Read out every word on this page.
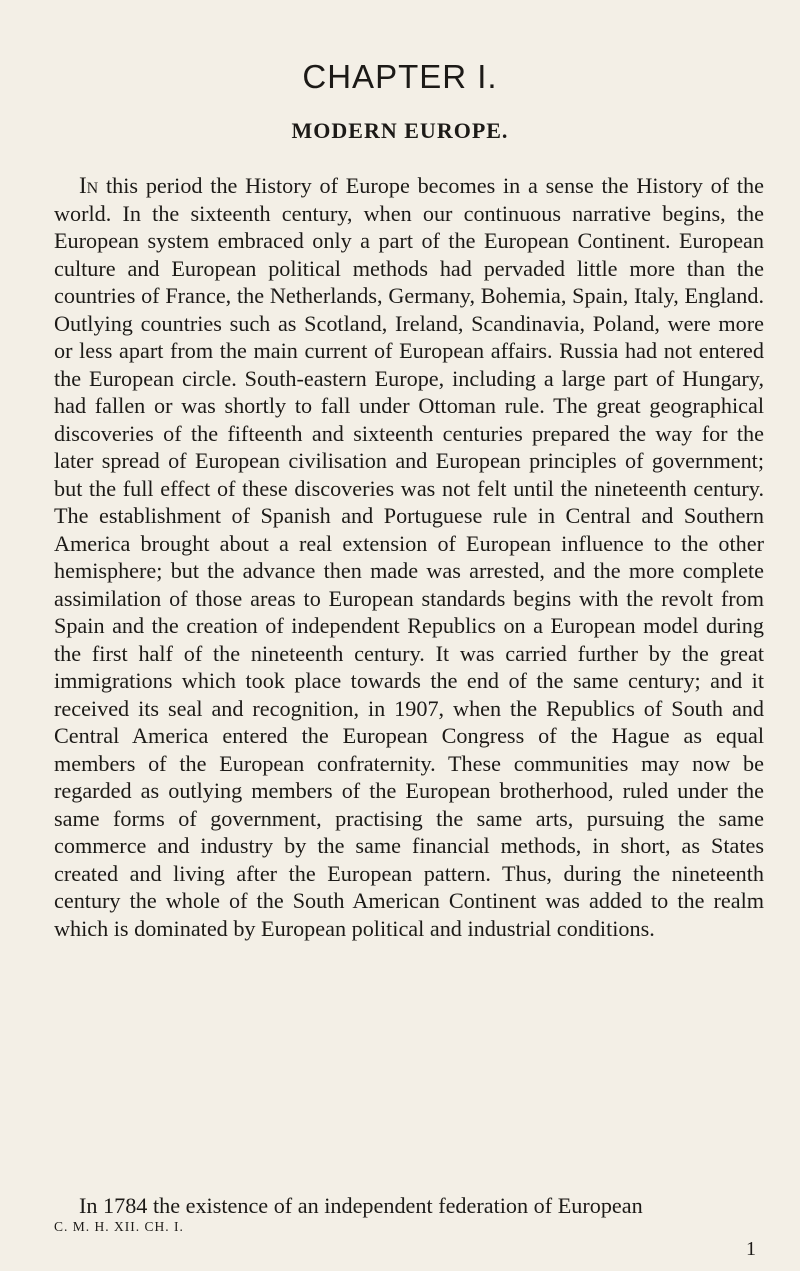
CHAPTER I.
MODERN EUROPE.

In this period the History of Europe becomes in a sense the History of the world. In the sixteenth century, when our continuous narrative begins, the European system embraced only a part of the European Continent. European culture and European political methods had pervaded little more than the countries of France, the Netherlands, Germany, Bohemia, Spain, Italy, England. Outlying countries such as Scotland, Ireland, Scandinavia, Poland, were more or less apart from the main current of European affairs. Russia had not entered the European circle. South-eastern Europe, including a large part of Hungary, had fallen or was shortly to fall under Ottoman rule. The great geographical discoveries of the fifteenth and sixteenth centuries prepared the way for the later spread of European civilisation and European principles of government; but the full effect of these discoveries was not felt until the nineteenth century. The establishment of Spanish and Portuguese rule in Central and Southern America brought about a real extension of European influence to the other hemisphere; but the advance then made was arrested, and the more complete assimilation of those areas to European standards begins with the revolt from Spain and the creation of independent Republics on a European model during the first half of the nineteenth century. It was carried further by the great immigrations which took place towards the end of the same century; and it received its seal and recognition, in 1907, when the Republics of South and Central America entered the European Congress of the Hague as equal members of the European confraternity. These communities may now be regarded as outlying members of the European brotherhood, ruled under the same forms of government, practising the same arts, pursuing the same commerce and industry by the same financial methods, in short, as States created and living after the European pattern. Thus, during the nineteenth century the whole of the South American Continent was added to the realm which is dominated by European political and industrial conditions.

In 1784 the existence of an independent federation of European

C. M. H. XII. CH. I.

1
